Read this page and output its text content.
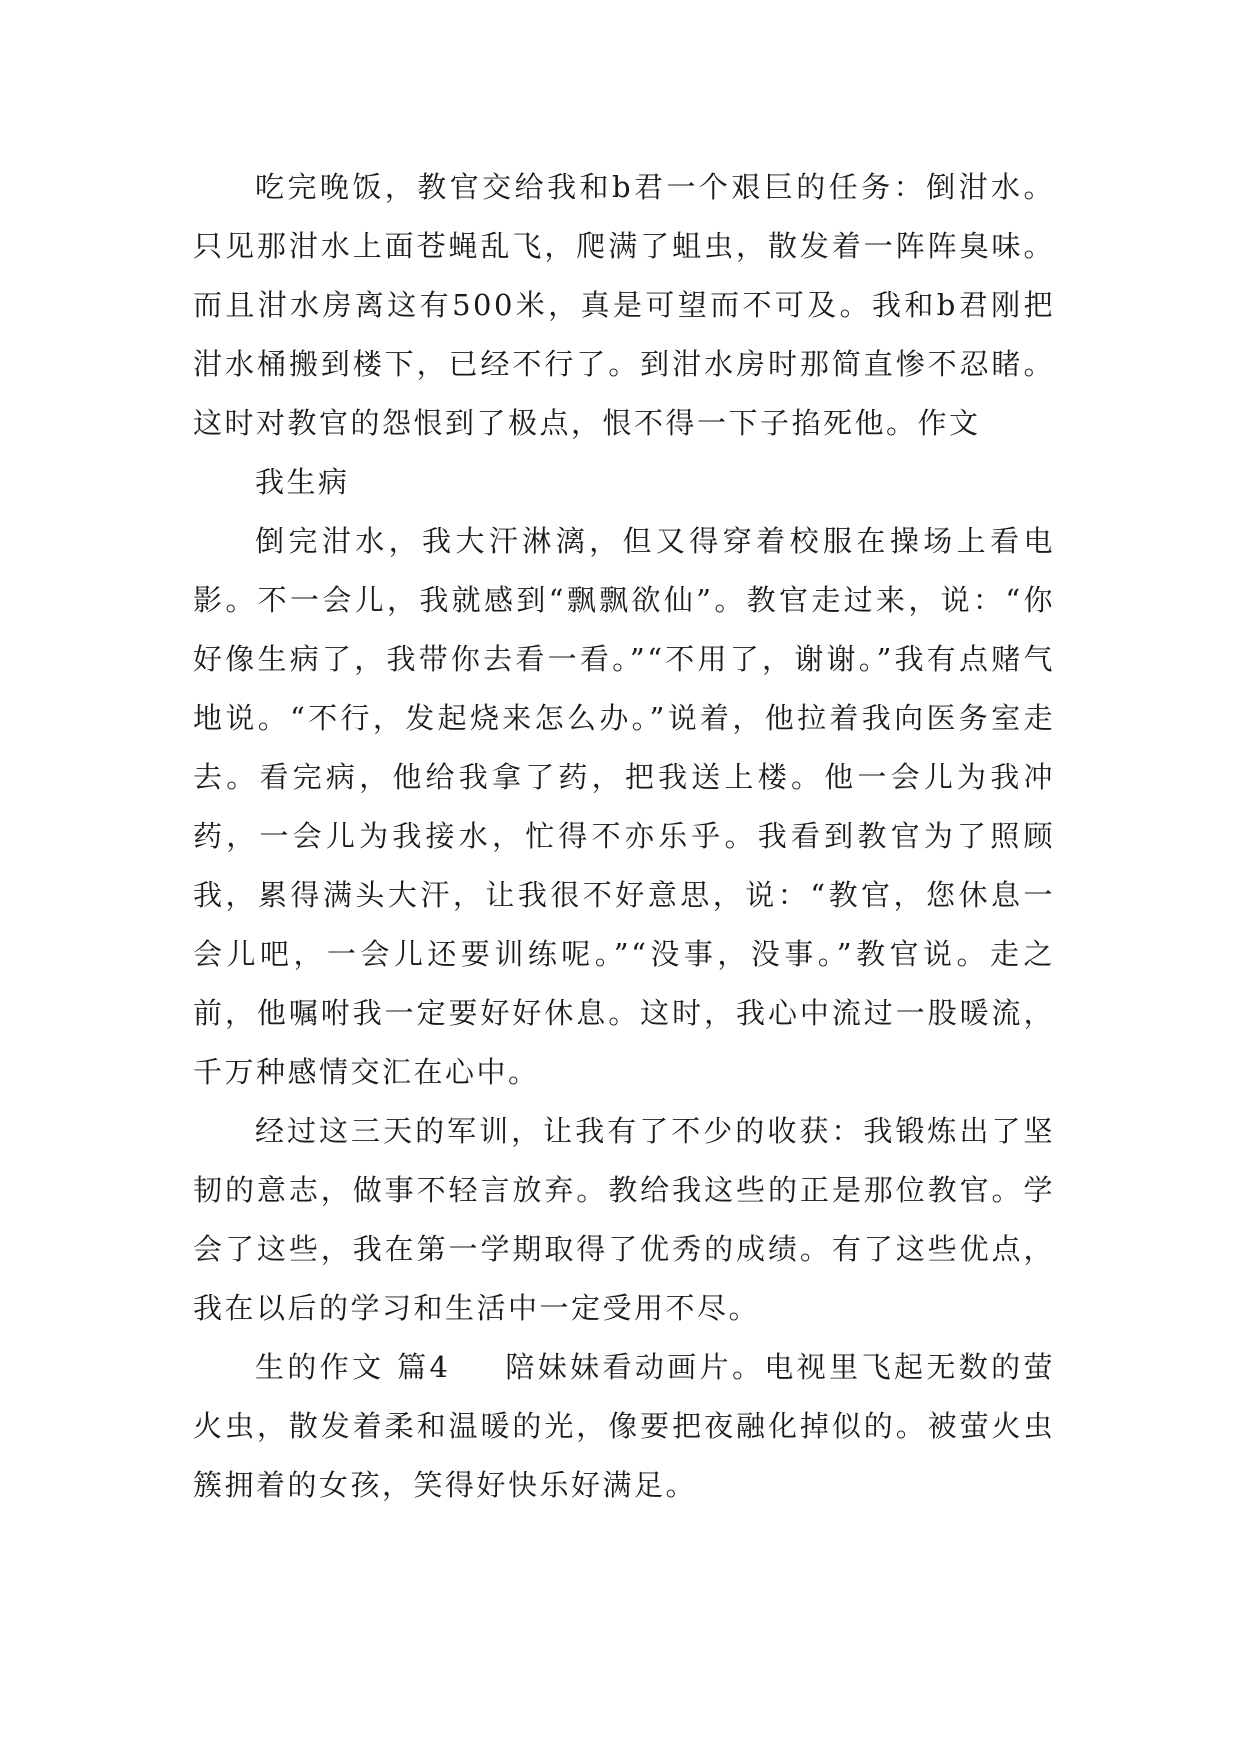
吃完晚饭，教官交给我和b君一个艰巨的任务：倒泔水。只见那泔水上面苍蝇乱飞，爬满了蛆虫，散发着一阵阵臭味。而且泔水房离这有500米，真是可望而不可及。我和b君刚把泔水桶搬到楼下，已经不行了。到泔水房时那简直惨不忍睹。这时对教官的怨恨到了极点，恨不得一下子掐死他。作文

我生病

倒完泔水，我大汗淋漓，但又得穿着校服在操场上看电影。不一会儿，我就感到“飘飘欲仙”。教官走过来，说：“你好像生病了，我带你去看一看。”“不用了，谢谢。”我有点赌气地说。“不行，发起烧来怎么办。”说着，他拉着我向医务室走去。看完病，他给我拿了药，把我送上楼。他一会儿为我冲药，一会儿为我接水，忙得不亦乐乎。我看到教官为了照顾我，累得满头大汗，让我很不好意思，说：“教官，您休息一会儿吧，一会儿还要训练呢。”“没事，没事。”教官说。走之前，他嘱咐我一定要好好休息。这时，我心中流过一股暖流，千万种感情交汇在心中。

经过这三天的军训，让我有了不少的收获：我锻炼出了坚韧的意志，做事不轻言放弃。教给我这些的正是那位教官。学会了这些，我在第一学期取得了优秀的成绩。有了这些优点，我在以后的学习和生活中一定受用不尽。

生的作文 篇4 陪妹妹看动画片。电视里飞起无数的萤火虫，散发着柔和温暖的光，像要把夜融化掉似的。被萤火虫簇拥着的女孩，笑得好快乐好满足。
